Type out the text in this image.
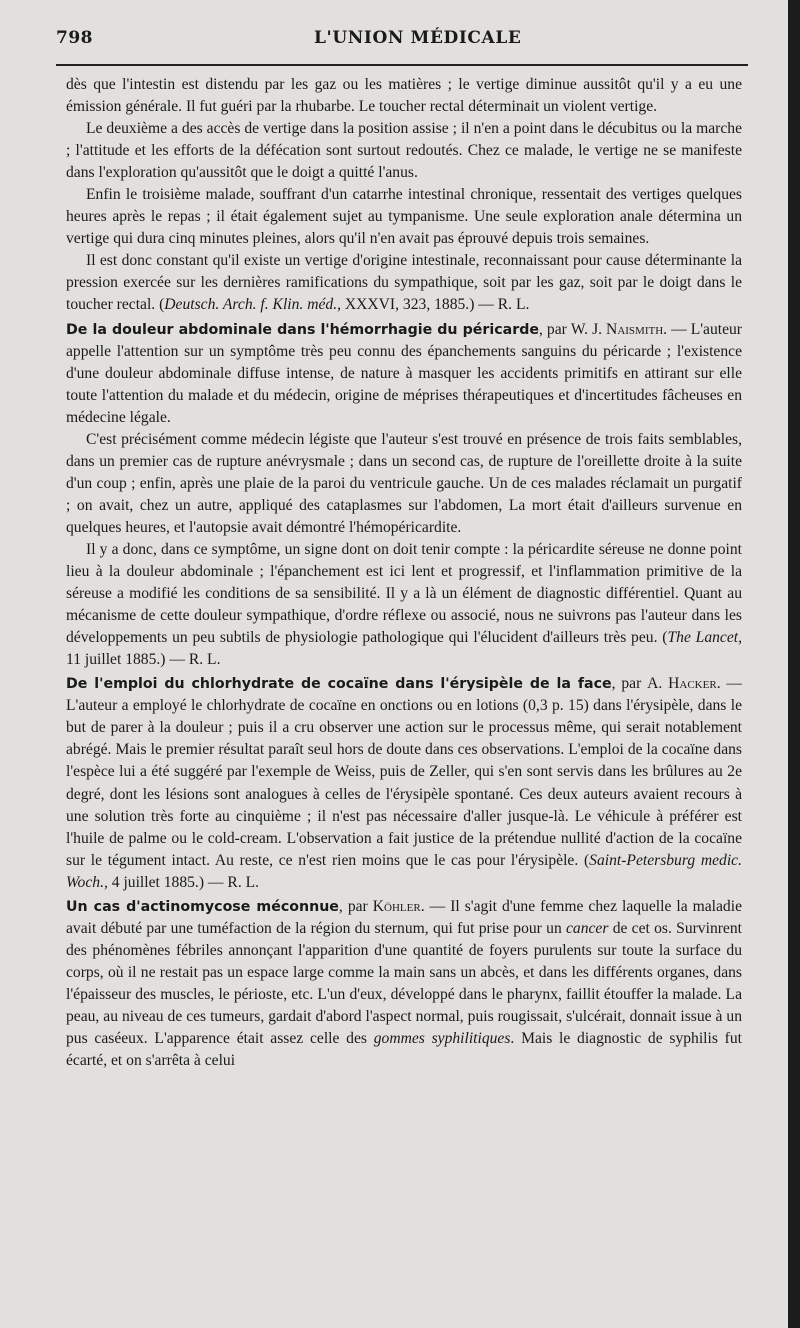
798	L'UNION MÉDICALE

dès que l'intestin est distendu par les gaz ou les matières ; le vertige diminue aussitôt qu'il y a eu une émission générale. Il fut guéri par la rhubarbe. Le toucher rectal déterminait un violent vertige.

Le deuxième a des accès de vertige dans la position assise ; il n'en a point dans le décubitus ou la marche ; l'attitude et les efforts de la défécation sont surtout redoutés. Chez ce malade, le vertige ne se manifeste dans l'exploration qu'aussitôt que le doigt a quitté l'anus.

Enfin le troisième malade, souffrant d'un catarrhe intestinal chronique, ressentait des vertiges quelques heures après le repas ; il était également sujet au tympanisme. Une seule exploration anale détermina un vertige qui dura cinq minutes pleines, alors qu'il n'en avait pas éprouvé depuis trois semaines.

Il est donc constant qu'il existe un vertige d'origine intestinale, reconnaissant pour cause déterminante la pression exercée sur les dernières ramifications du sympathique, soit par les gaz, soit par le doigt dans le toucher rectal. (Deutsch. Arch. f. Klin. méd., XXXVI, 323, 1885.) — R. L.

De la douleur abdominale dans l'hémorrhagie du péricarde, par W. J. Naismith. — L'auteur appelle l'attention sur un symptôme très peu connu des épanchements sanguins du péricarde ; l'existence d'une douleur abdominale diffuse intense, de nature à masquer les accidents primitifs en attirant sur elle toute l'attention du malade et du médecin, origine de méprises thérapeutiques et d'incertitudes fâcheuses en médecine légale.

C'est précisément comme médecin légiste que l'auteur s'est trouvé en présence de trois faits semblables, dans un premier cas de rupture anévrysmale ; dans un second cas, de rupture de l'oreillette droite à la suite d'un coup ; enfin, après une plaie de la paroi du ventricule gauche. Un de ces malades réclamait un purgatif ; on avait, chez un autre, appliqué des cataplasmes sur l'abdomen, La mort était d'ailleurs survenue en quelques heures, et l'autopsie avait démontré l'hémopéricardite.

Il y a donc, dans ce symptôme, un signe dont on doit tenir compte : la péricardite séreuse ne donne point lieu à la douleur abdominale ; l'épanchement est ici lent et progressif, et l'inflammation primitive de la séreuse a modifié les conditions de sa sensibilité. Il y a là un élément de diagnostic différentiel. Quant au mécanisme de cette douleur sympathique, d'ordre réflexe ou associé, nous ne suivrons pas l'auteur dans les développements un peu subtils de physiologie pathologique qui l'élucident d'ailleurs très peu. (The Lancet, 11 juillet 1885.) — R. L.

De l'emploi du chlorhydrate de cocaïne dans l'érysipèle de la face, par A. Hacker. — L'auteur a employé le chlorhydrate de cocaïne en onctions ou en lotions (0,3 p. 15) dans l'érysipèle, dans le but de parer à la douleur ; puis il a cru observer une action sur le processus même, qui serait notablement abrégé. Mais le premier résultat paraît seul hors de doute dans ces observations. L'emploi de la cocaïne dans l'espèce lui a été suggéré par l'exemple de Weiss, puis de Zeller, qui s'en sont servis dans les brûlures au 2e degré, dont les lésions sont analogues à celles de l'érysipèle spontané. Ces deux auteurs avaient recours à une solution très forte au cinquième ; il n'est pas nécessaire d'aller jusque-là. Le véhicule à préférer est l'huile de palme ou le cold-cream. L'observation a fait justice de la prétendue nullité d'action de la cocaïne sur le tégument intact. Au reste, ce n'est rien moins que le cas pour l'érysipèle. (Saint-Petersburg medic. Woch., 4 juillet 1885.) — R. L.

Un cas d'actinomycose méconnue, par Köhler. — Il s'agit d'une femme chez laquelle la maladie avait débuté par une tuméfaction de la région du sternum, qui fut prise pour un cancer de cet os. Survinrent des phénomènes fébriles annonçant l'apparition d'une quantité de foyers purulents sur toute la surface du corps, où il ne restait pas un espace large comme la main sans un abcès, et dans les différents organes, dans l'épaisseur des muscles, le périoste, etc. L'un d'eux, développé dans le pharynx, faillit étouffer la malade. La peau, au niveau de ces tumeurs, gardait d'abord l'aspect normal, puis rougissait, s'ulcérait, donnait issue à un pus caséeux. L'apparence était assez celle des gommes syphilitiques. Mais le diagnostic de syphilis fut écarté, et on s'arrêta à celui
